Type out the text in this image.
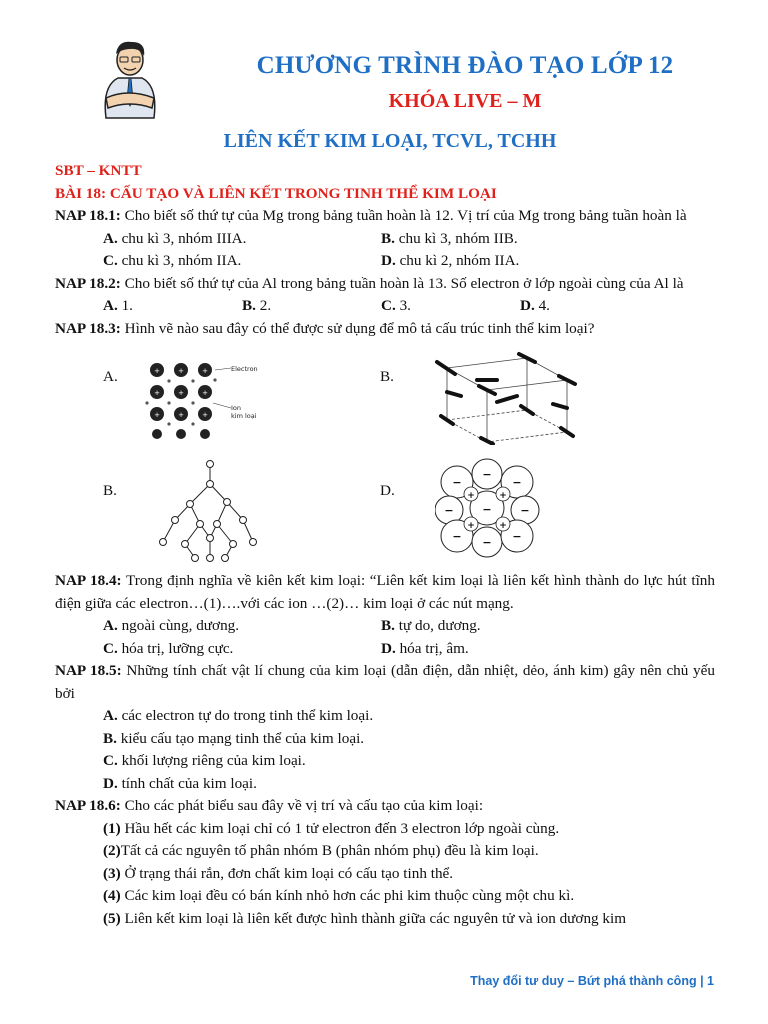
CHƯƠNG TRÌNH ĐÀO TẠO LỚP 12
KHÓA LIVE – M
LIÊN KẾT KIM LOẠI, TCVL, TCHH

SBT – KNTT

BÀI 18: CẤU TẠO VÀ LIÊN KẾT TRONG TINH THỂ KIM LOẠI

NAP 18.1: Cho biết số thứ tự của Mg trong bảng tuần hoàn là 12. Vị trí của Mg trong bảng tuần hoàn là

A. chu kì 3, nhóm IIIA.	B. chu kì 3, nhóm IIB.
C. chu kì 3, nhóm IIA.	D. chu kì 2, nhóm IIA.

NAP 18.2: Cho biết số thứ tự của Al trong bảng tuần hoàn là 13. Số electron ở lớp ngoài cùng của Al là

A. 1.	B. 2.	C. 3.	D. 4.

NAP 18.3: Hình vẽ nào sau đây có thể được sử dụng để mô tả cấu trúc tinh thể kim loại?

A.	B.
B.	D.
+	+	+
+	+	+
+	+	+
Electron
Ion
kim loại
−
−
−
−	−
−
− − −
+	+
+	+

NAP 18.4: Trong định nghĩa về kiên kết kim loại: “Liên kết kim loại là liên kết hình thành do lực hút tĩnh điện giữa các electron…(1)….với các ion …(2)… kim loại ở các nút mạng.

A. ngoài cùng, dương.	B. tự do, dương.
C. hóa trị, lưỡng cực.	D. hóa trị, âm.

NAP 18.5: Những tính chất vật lí chung của kim loại (dẫn điện, dẫn nhiệt, dẻo, ánh kim) gây nên chủ yếu bởi

A. các electron tự do trong tinh thể kim loại.

B. kiểu cấu tạo mạng tinh thể của kim loại.

C. khối lượng riêng của kim loại.

D. tính chất của kim loại.

NAP 18.6: Cho các phát biểu sau đây về vị trí và cấu tạo của kim loại:

(1) Hầu hết các kim loại chỉ có 1 tử electron đến 3 electron lớp ngoài cùng.

(2)Tất cả các nguyên tố phân nhóm B (phân nhóm phụ) đều là kim loại.

(3) Ở trạng thái rắn, đơn chất kim loại có cấu tạo tinh thể.

(4) Các kim loại đều có bán kính nhỏ hơn các phi kim thuộc cùng một chu kì.

(5) Liên kết kim loại là liên kết được hình thành giữa các nguyên tử và ion dương kim

Thay đổi tư duy – Bứt phá thành công | 1
